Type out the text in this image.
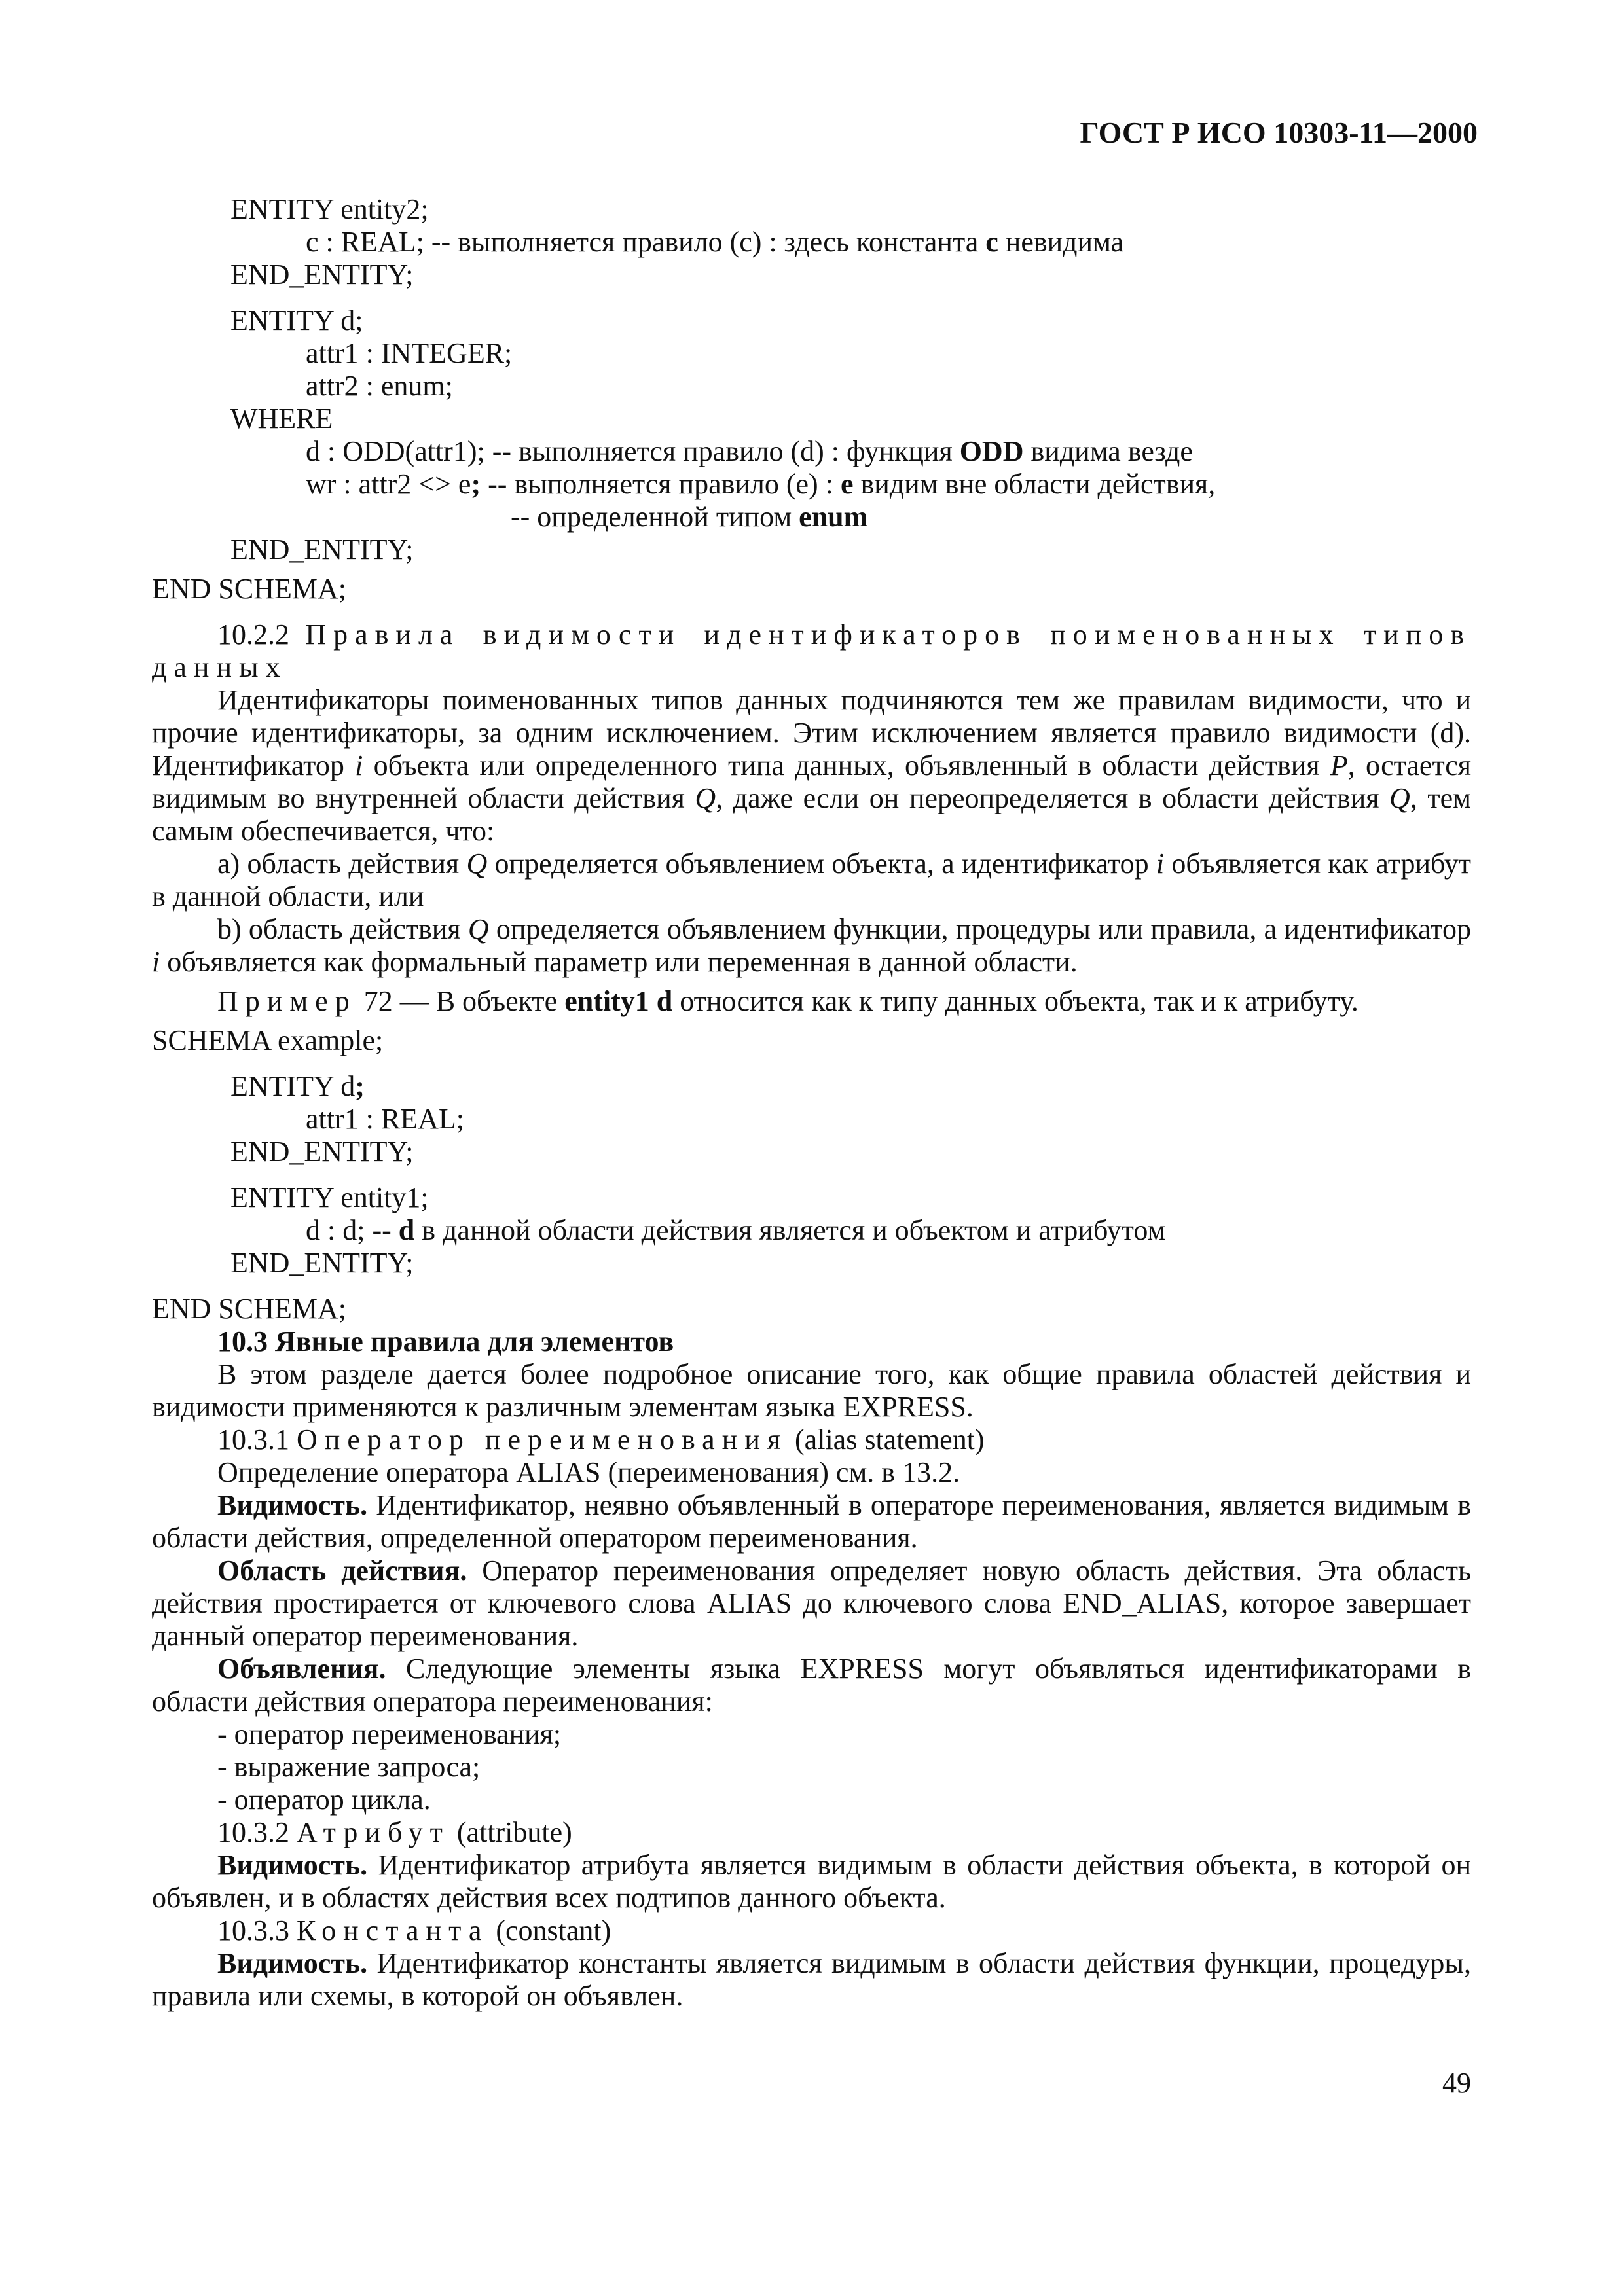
ГОСТ Р ИСО 10303-11—2000
ENTITY entity2;
c : REAL; -- выполняется правило (c) : здесь константа c невидима
END_ENTITY;
ENTITY d;
attr1 : INTEGER;
attr2 : enum;
WHERE
d : ODD(attr1); -- выполняется правило (d) : функция ODD видима везде
wr : attr2 <> e; -- выполняется правило (e) : e видим вне области действия,
-- определенной типом enum
END_ENTITY;
END SCHEMA;
10.2.2 Правила видимости идентификаторов поименованных типов данных
Идентификаторы поименованных типов данных подчиняются тем же правилам видимости, что и прочие идентификаторы, за одним исключением. Этим исключением является правило видимости (d). Идентификатор i объекта или определенного типа данных, объявленный в области действия P, остается видимым во внутренней области действия Q, даже если он переопределяется в области действия Q, тем самым обеспечивается, что:
а) область действия Q определяется объявлением объекта, а идентификатор i объявляется как атрибут в данной области, или
b) область действия Q определяется объявлением функции, процедуры или правила, а идентификатор i объявляется как формальный параметр или переменная в данной области.
Пример 72 — В объекте entity1 d относится как к типу данных объекта, так и к атрибуту.
SCHEMA example;
ENTITY d;
attr1 : REAL;
END_ENTITY;
ENTITY entity1;
d : d; -- d в данной области действия является и объектом и атрибутом
END_ENTITY;
END SCHEMA;
10.3 Явные правила для элементов
В этом разделе дается более подробное описание того, как общие правила областей действия и видимости применяются к различным элементам языка EXPRESS.
10.3.1 Оператор переименования (alias statement)
Определение оператора ALIAS (переименования) см. в 13.2.
Видимость. Идентификатор, неявно объявленный в операторе переименования, является видимым в области действия, определенной оператором переименования.
Область действия. Оператор переименования определяет новую область действия. Эта область действия простирается от ключевого слова ALIAS до ключевого слова END_ALIAS, которое завершает данный оператор переименования.
Объявления. Следующие элементы языка EXPRESS могут объявляться идентификаторами в области действия оператора переименования:
- оператор переименования;
- выражение запроса;
- оператор цикла.
10.3.2 Атрибут (attribute)
Видимость. Идентификатор атрибута является видимым в области действия объекта, в которой он объявлен, и в областях действия всех подтипов данного объекта.
10.3.3 Константа (constant)
Видимость. Идентификатор константы является видимым в области действия функции, процедуры, правила или схемы, в которой он объявлен.
49
